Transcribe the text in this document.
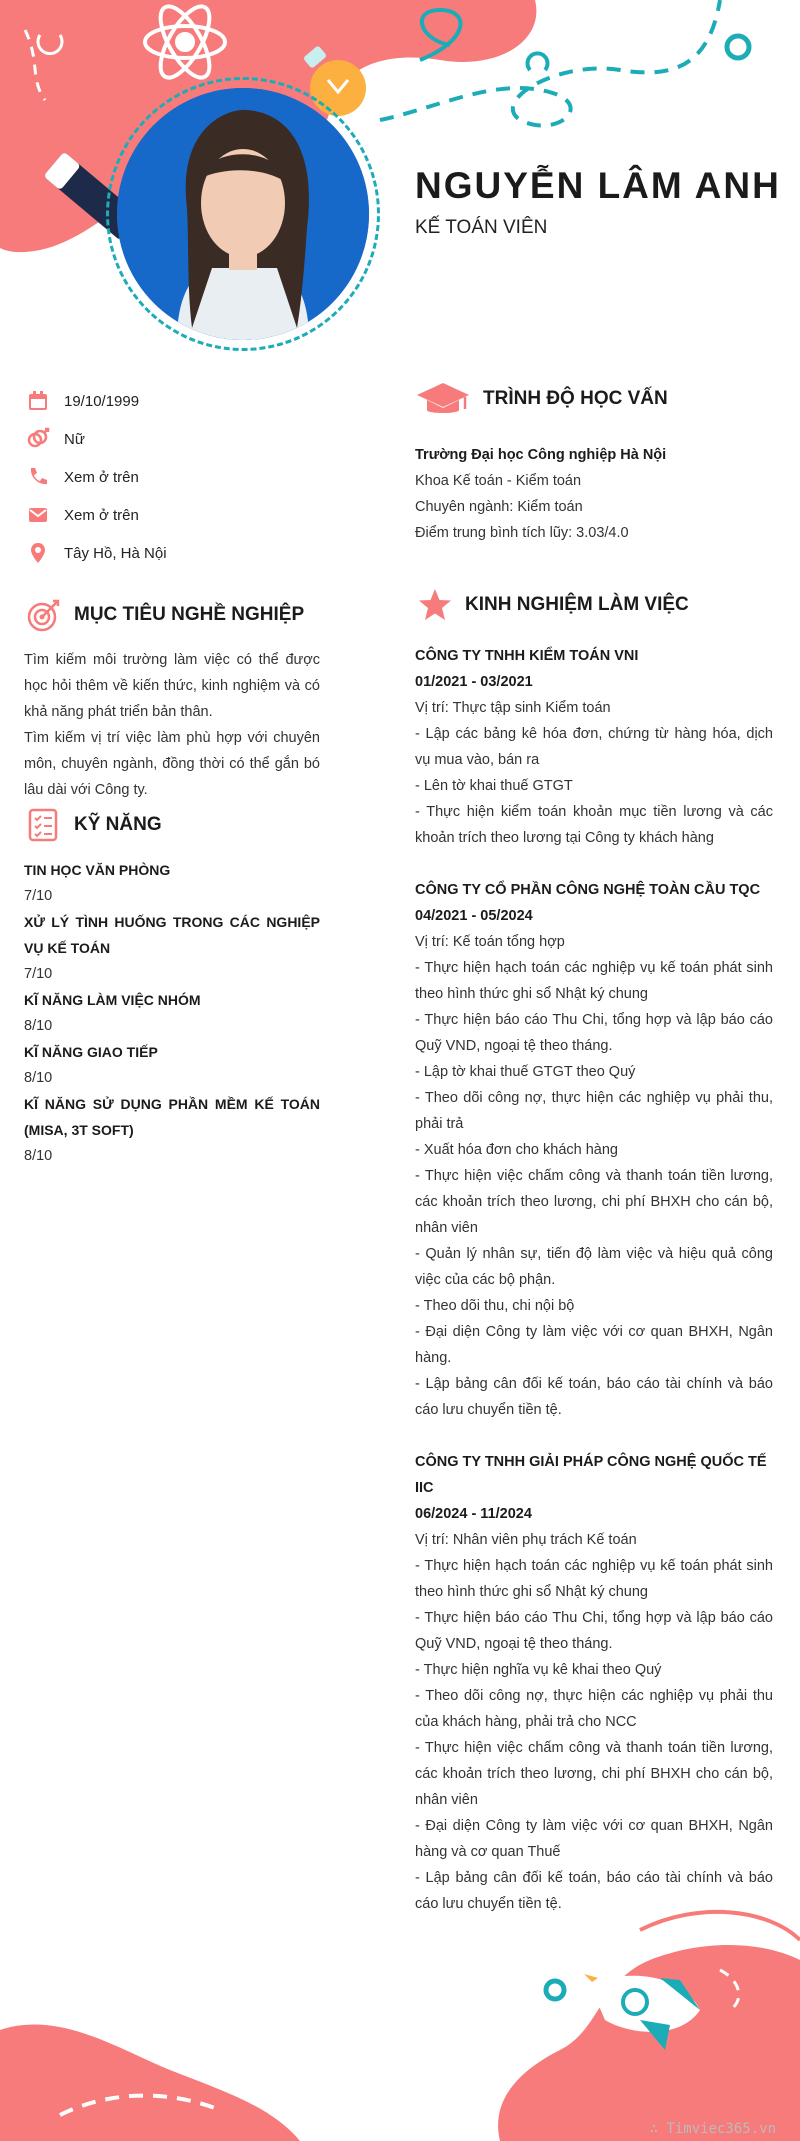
NGUYỄN LÂM ANH
KẾ TOÁN VIÊN
19/10/1999
Nữ
Xem ở trên
Xem ở trên
Tây Hồ, Hà Nội
MỤC TIÊU NGHỀ NGHIỆP

Tìm kiếm môi trường làm việc có thể được học hỏi thêm về kiến thức, kinh nghiệm và có khả năng phát triển bản thân.

Tìm kiếm vị trí việc làm phù hợp với chuyên môn, chuyên ngành, đồng thời có thể gắn bó lâu dài với Công ty.

KỸ NĂNG
TIN HỌC VĂN PHÒNG
7/10
XỬ LÝ TÌNH HUỐNG TRONG CÁC NGHIỆP VỤ KẾ TOÁN
7/10
KĨ NĂNG LÀM VIỆC NHÓM
8/10
KĨ NĂNG GIAO TIẾP
8/10
KĨ NĂNG SỬ DỤNG PHẦN MỀM KẾ TOÁN (MISA, 3T SOFT)
8/10
TRÌNH ĐỘ HỌC VẤN
Trường Đại học Công nghiệp Hà Nội
Khoa Kế toán - Kiểm toán
Chuyên ngành: Kiểm toán
Điểm trung bình tích lũy: 3.03/4.0
KINH NGHIỆM LÀM VIỆC
CÔNG TY TNHH KIỂM TOÁN VNI
01/2021 - 03/2021
Vị trí: Thực tập sinh Kiểm toán
- Lập các bảng kê hóa đơn, chứng từ hàng hóa, dịch vụ mua vào, bán ra
- Lên tờ khai thuế GTGT
- Thực hiện kiểm toán khoản mục tiền lương và các khoản trích theo lương tại Công ty khách hàng
CÔNG TY CỔ PHẦN CÔNG NGHỆ TOÀN CẦU TQC
04/2021 - 05/2024
Vị trí: Kế toán tổng hợp
- Thực hiện hạch toán các nghiệp vụ kế toán phát sinh theo hình thức ghi sổ Nhật ký chung
- Thực hiện báo cáo Thu Chi, tổng hợp và lập báo cáo Quỹ VND, ngoại tệ theo tháng.
- Lập tờ khai thuế GTGT theo Quý
- Theo dõi công nợ, thực hiện các nghiệp vụ phải thu, phải trả
- Xuất hóa đơn cho khách hàng
- Thực hiện việc chấm công và thanh toán tiền lương, các khoản trích theo lương, chi phí BHXH cho cán bộ, nhân viên
- Quản lý nhân sự, tiến độ làm việc và hiệu quả công việc của các bộ phận.
- Theo dõi thu, chi nội bộ
- Đại diện Công ty làm việc với cơ quan BHXH, Ngân hàng.
- Lập bảng cân đối kế toán, báo cáo tài chính và báo cáo lưu chuyển tiền tệ.
CÔNG TY TNHH GIẢI PHÁP CÔNG NGHỆ QUỐC TẾ IIC
06/2024 - 11/2024
Vị trí: Nhân viên phụ trách Kế toán
- Thực hiện hạch toán các nghiệp vụ kế toán phát sinh theo hình thức ghi sổ Nhật ký chung
- Thực hiện báo cáo Thu Chi, tổng hợp và lập báo cáo Quỹ VND, ngoại tệ theo tháng.
- Thực hiện nghĩa vụ kê khai theo Quý
- Theo dõi công nợ, thực hiện các nghiệp vụ phải thu của khách hàng, phải trả cho NCC
- Thực hiện việc chấm công và thanh toán tiền lương, các khoản trích theo lương, chi phí BHXH cho cán bộ, nhân viên
- Đại diện Công ty làm việc với cơ quan BHXH, Ngân hàng và cơ quan Thuế
- Lập bảng cân đối kế toán, báo cáo tài chính và báo cáo lưu chuyển tiền tệ.
∴ Timviec365.vn
